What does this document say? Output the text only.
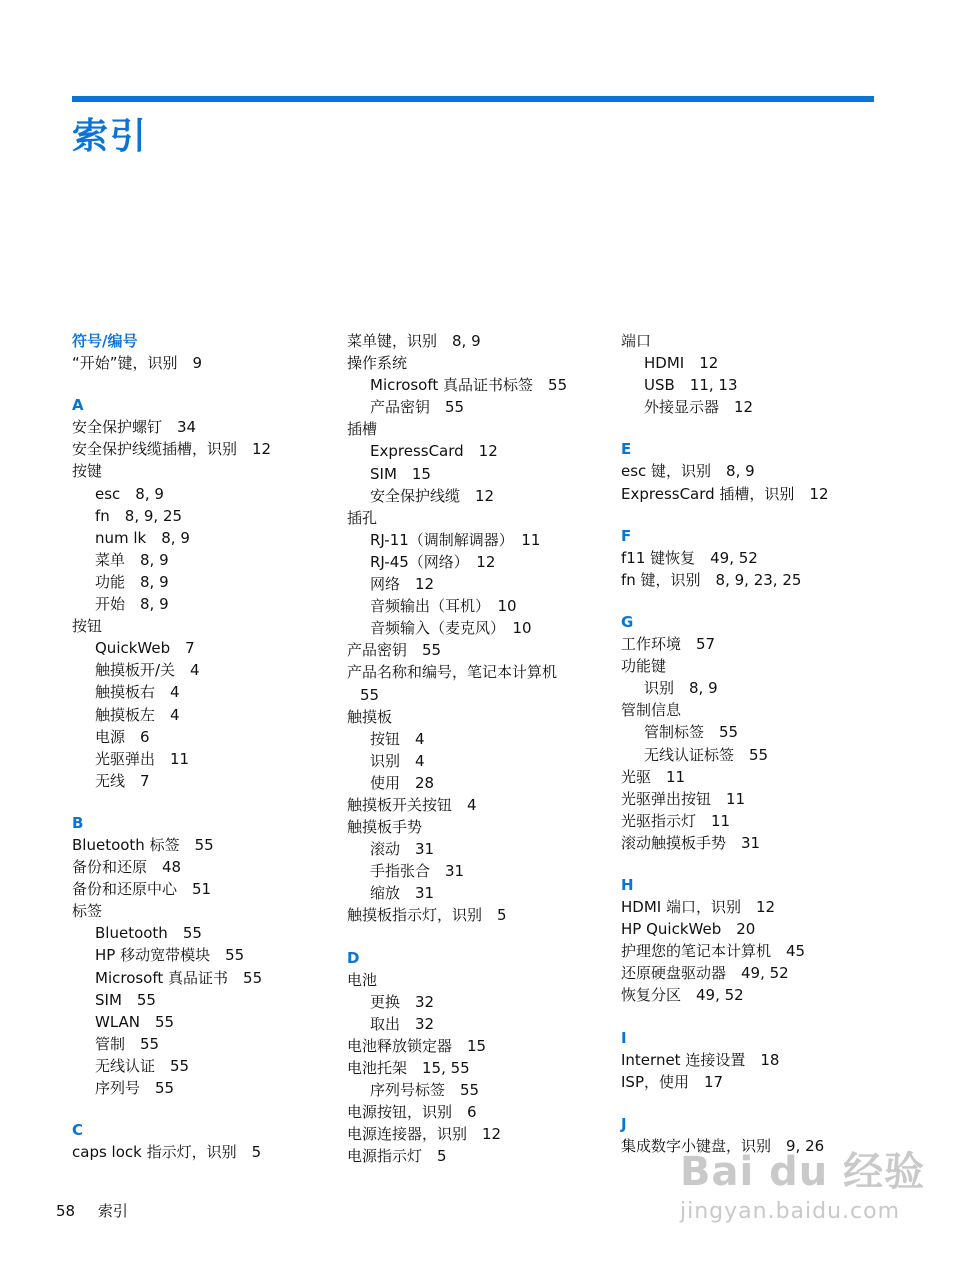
索引
符号/编号
“开始”键，识别　9
A
安全保护螺钉　34
安全保护线缆插槽，识别　12
按键
esc　8, 9
fn　8, 9, 25
num lk　8, 9
菜单　8, 9
功能　8, 9
开始　8, 9
按钮
QuickWeb　7
触摸板开/关　4
触摸板右　4
触摸板左　4
电源　6
光驱弹出　11
无线　7
B
Bluetooth 标签　55
备份和还原　48
备份和还原中心　51
标签
Bluetooth　55
HP 移动宽带模块　55
Microsoft 真品证书　55
SIM　55
WLAN　55
管制　55
无线认证　55
序列号　55
C
caps lock 指示灯，识别　5
菜单键，识别　8, 9
操作系统
Microsoft 真品证书标签　55
产品密钥　55
插槽
ExpressCard　12
SIM　15
安全保护线缆　12
插孔
RJ-11（调制解调器）　11
RJ-45（网络）　12
网络　12
音频输出（耳机）　10
音频输入（麦克风）　10
产品密钥　55
产品名称和编号，笔记本计算机
55
触摸板
按钮　4
识别　4
使用　28
触摸板开关按钮　4
触摸板手势
滚动　31
手指张合　31
缩放　31
触摸板指示灯，识别　5
D
电池
更换　32
取出　32
电池释放锁定器　15
电池托架　15, 55
序列号标签　55
电源按钮，识别　6
电源连接器，识别　12
电源指示灯　5
端口
HDMI　12
USB　11, 13
外接显示器　12
E
esc 键，识别　8, 9
ExpressCard 插槽，识别　12
F
f11 键恢复　49, 52
fn 键，识别　8, 9, 23, 25
G
工作环境　57
功能键
识别　8, 9
管制信息
管制标签　55
无线认证标签　55
光驱　11
光驱弹出按钮　11
光驱指示灯　11
滚动触摸板手势　31
H
HDMI 端口，识别　12
HP QuickWeb　20
护理您的笔记本计算机　45
还原硬盘驱动器　49, 52
恢复分区　49, 52
I
Internet 连接设置　18
ISP，使用　17
J
集成数字小键盘，识别　9, 26
58 索引
Bai du 经验
jingyan.baidu.com
